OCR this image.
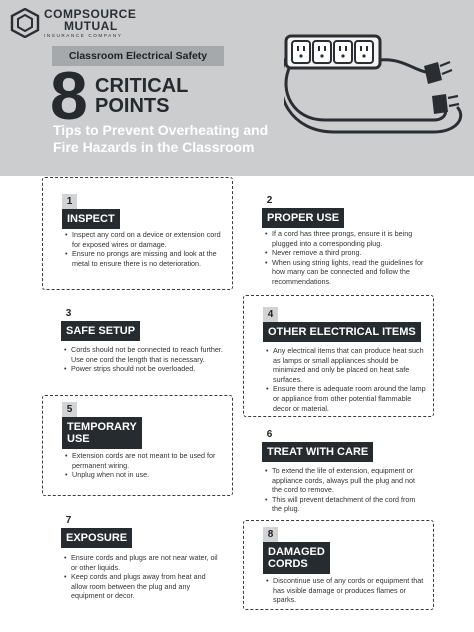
COMPSOURCE
MUTUAL
INSURANCE COMPANY
Classroom Electrical Safety
8 CRITICAL
POINTS
Tips to Prevent Overheating and
Fire Hazards in the Classroom
1
INSPECT
• Inspect any cord on a device or extension cord for exposed wires or damage.
• Ensure no prongs are missing and look at the metal to ensure there is no deterioration.
2
PROPER USE
• If a cord has three prongs, ensure it is being plugged into a corresponding plug.
• Never remove a third prong.
• When using string lights, read the guidelines for how many can be connected and follow the recommendations.
3
SAFE SETUP
• Cords should not be connected to reach further. Use one cord the length that is necessary.
• Power strips should not be overloaded.
4
OTHER ELECTRICAL ITEMS
• Any electrical items that can produce heat such as lamps or small appliances should be minimized and only be placed on heat safe surfaces.
• Ensure there is adequate room around the lamp or appliance from other potential flammable decor or material.
5
TEMPORARY
USE
• Extension cords are not meant to be used for permanent wiring.
• Unplug when not in use.
6
TREAT WITH CARE
• To extend the life of extension, equipment or appliance cords, always pull the plug and not the cord to remove.
• This will prevent detachment of the cord from the plug.
7
EXPOSURE
• Ensure cords and plugs are not near water, oil or other liquids.
• Keep cords and plugs away from heat and allow room between the plug and any equipment or decor.
8
DAMAGED
CORDS
• Discontinue use of any cords or equipment that has visible damage or produces flames or sparks.
